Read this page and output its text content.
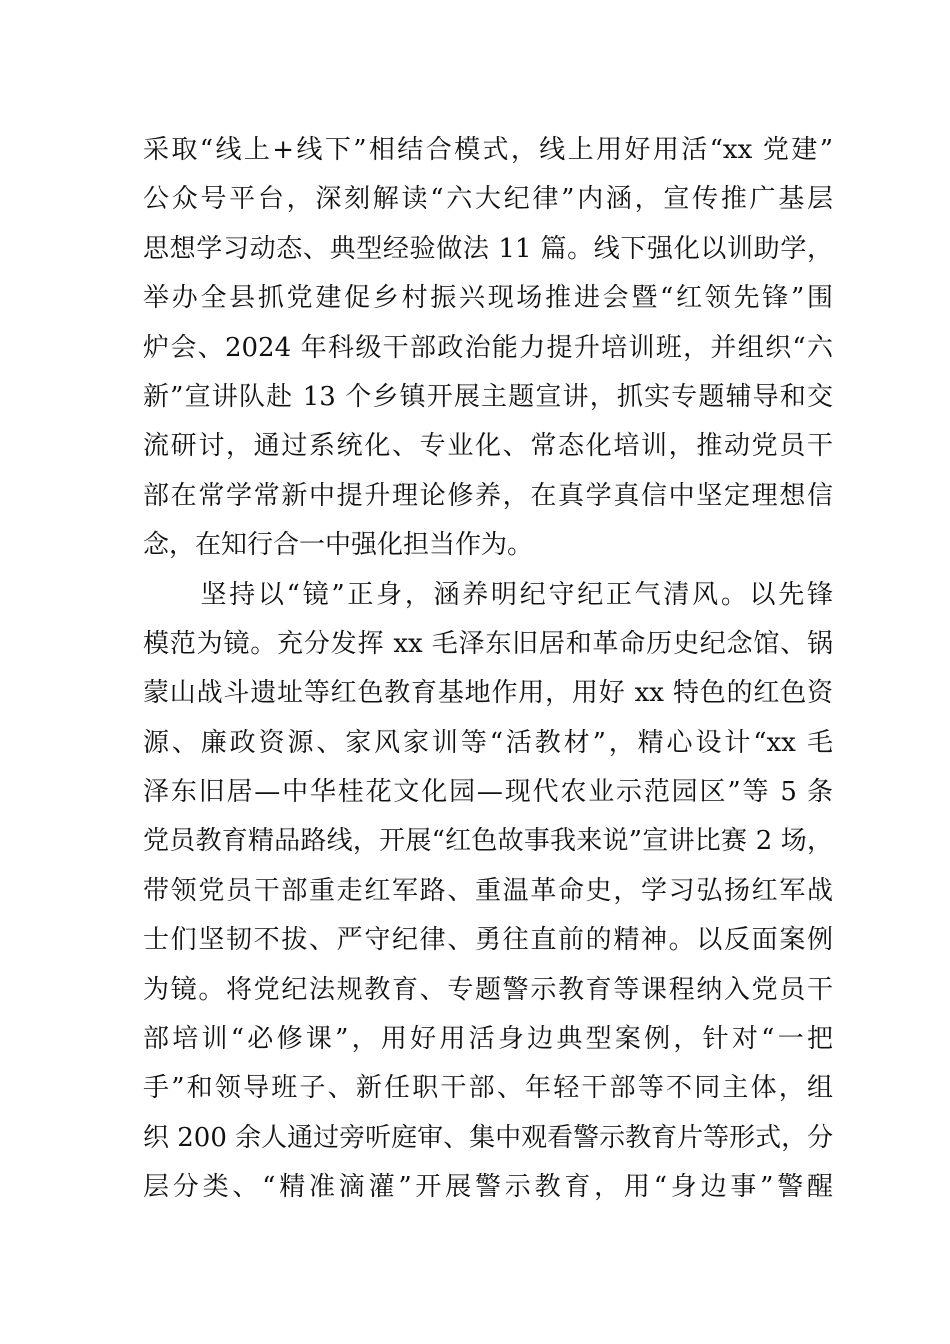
采取“线上+线下”相结合模式，线上用好用活“xx 党建”
公众号平台，深刻解读“六大纪律”内涵，宣传推广基层
思想学习动态、典型经验做法 11 篇。线下强化以训助学，
举办全县抓党建促乡村振兴现场推进会暨“红领先锋”围
炉会、2024 年科级干部政治能力提升培训班，并组织“六
新”宣讲队赴 13 个乡镇开展主题宣讲，抓实专题辅导和交
流研讨，通过系统化、专业化、常态化培训，推动党员干
部在常学常新中提升理论修养，在真学真信中坚定理想信
念，在知行合一中强化担当作为。
　　坚持以“镜”正身，涵养明纪守纪正气清风。以先锋
模范为镜。充分发挥 xx 毛泽东旧居和革命历史纪念馆、锅
蒙山战斗遗址等红色教育基地作用，用好 xx 特色的红色资
源、廉政资源、家风家训等“活教材”，精心设计“xx 毛
泽东旧居—中华桂花文化园—现代农业示范园区”等 5 条
党员教育精品路线，开展“红色故事我来说”宣讲比赛 2 场，
带领党员干部重走红军路、重温革命史，学习弘扬红军战
士们坚韧不拔、严守纪律、勇往直前的精神。以反面案例
为镜。将党纪法规教育、专题警示教育等课程纳入党员干
部培训“必修课”，用好用活身边典型案例，针对“一把
手”和领导班子、新任职干部、年轻干部等不同主体，组
织 200 余人通过旁听庭审、集中观看警示教育片等形式，分
层分类、“精准滴灌”开展警示教育，用“身边事”警醒
